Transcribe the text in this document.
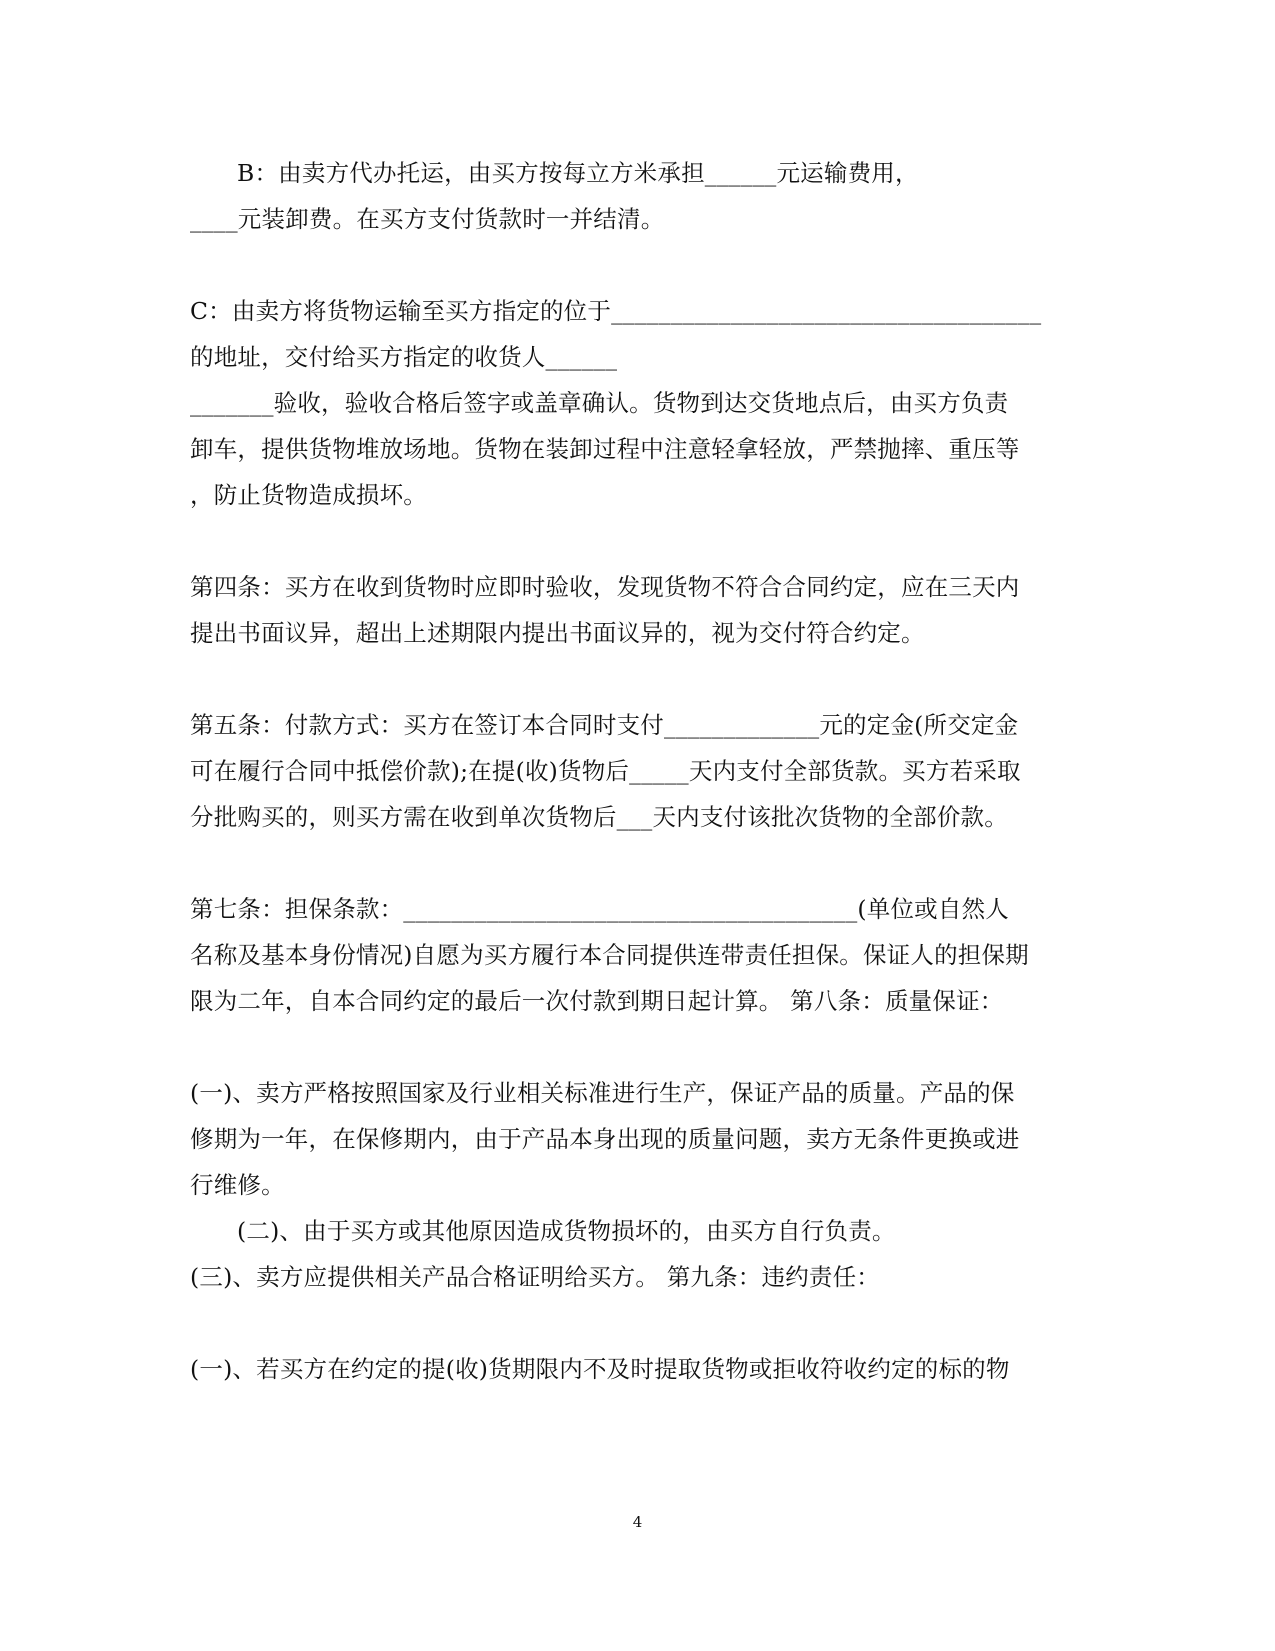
B：由卖方代办托运，由买方按每立方米承担______元运输费用，
____元装卸费。在买方支付货款时一并结清。
C：由卖方将货物运输至买方指定的位于____________________________________
的地址，交付给买方指定的收货人______
_______验收，验收合格后签字或盖章确认。货物到达交货地点后，由买方负责
卸车，提供货物堆放场地。货物在装卸过程中注意轻拿轻放，严禁抛摔、重压等
，防止货物造成损坏。
第四条：买方在收到货物时应即时验收，发现货物不符合合同约定，应在三天内
提出书面议异，超出上述期限内提出书面议异的，视为交付符合约定。
第五条：付款方式：买方在签订本合同时支付_____________元的定金(所交定金
可在履行合同中抵偿价款);在提(收)货物后_____天内支付全部货款。买方若采取
分批购买的，则买方需在收到单次货物后___天内支付该批次货物的全部价款。
第七条：担保条款：______________________________________(单位或自然人
名称及基本身份情况)自愿为买方履行本合同提供连带责任担保。保证人的担保期
限为二年，自本合同约定的最后一次付款到期日起计算。 第八条：质量保证：
(一)、卖方严格按照国家及行业相关标准进行生产，保证产品的质量。产品的保
修期为一年，在保修期内，由于产品本身出现的质量问题，卖方无条件更换或进
行维修。
(二)、由于买方或其他原因造成货物损坏的，由买方自行负责。
(三)、卖方应提供相关产品合格证明给买方。 第九条：违约责任：
(一)、若买方在约定的提(收)货期限内不及时提取货物或拒收符收约定的标的物
4
